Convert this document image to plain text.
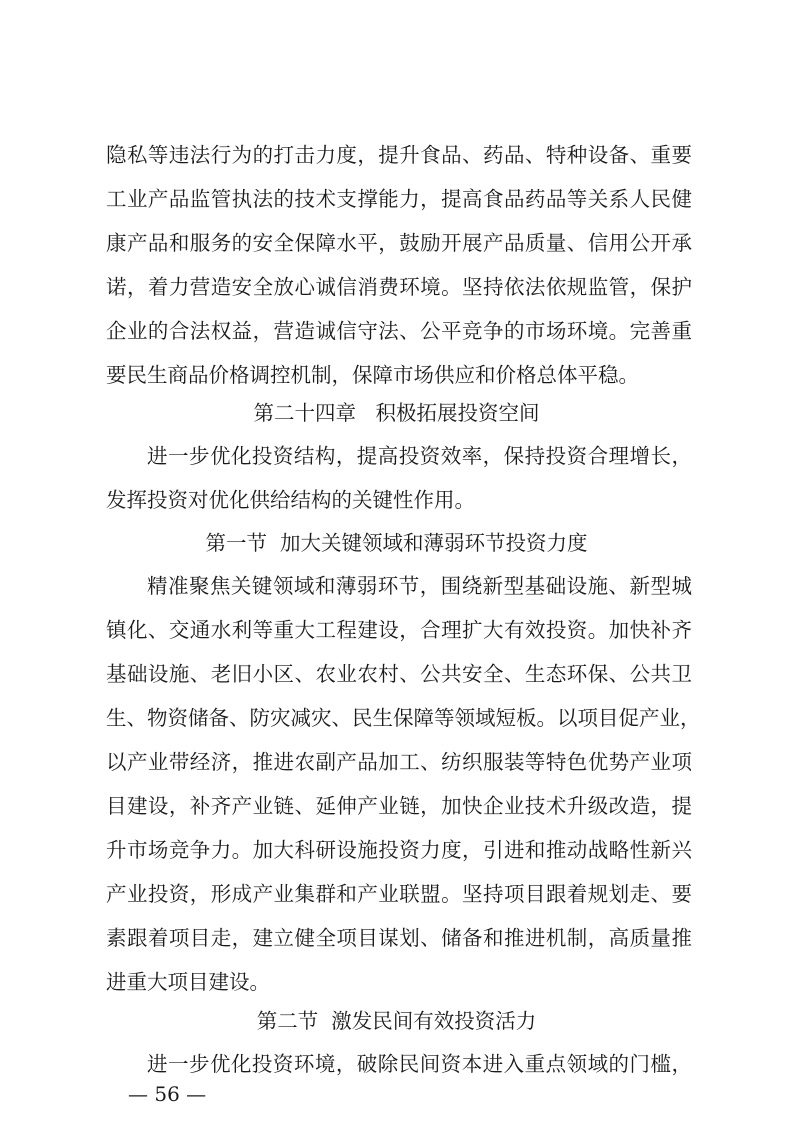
隐私等违法行为的打击力度，提升食品、药品、特种设备、重要
工业产品监管执法的技术支撑能力，提高食品药品等关系人民健
康产品和服务的安全保障水平，鼓励开展产品质量、信用公开承
诺，着力营造安全放心诚信消费环境。坚持依法依规监管，保护
企业的合法权益，营造诚信守法、公平竞争的市场环境。完善重
要民生商品价格调控机制，保障市场供应和价格总体平稳。
第二十四章   积极拓展投资空间
进一步优化投资结构，提高投资效率，保持投资合理增长，
发挥投资对优化供给结构的关键性作用。
第一节  加大关键领域和薄弱环节投资力度
精准聚焦关键领域和薄弱环节，围绕新型基础设施、新型城
镇化、交通水利等重大工程建设，合理扩大有效投资。加快补齐
基础设施、老旧小区、农业农村、公共安全、生态环保、公共卫
生、物资储备、防灾减灾、民生保障等领域短板。以项目促产业，
以产业带经济，推进农副产品加工、纺织服装等特色优势产业项
目建设，补齐产业链、延伸产业链，加快企业技术升级改造，提
升市场竞争力。加大科研设施投资力度，引进和推动战略性新兴
产业投资，形成产业集群和产业联盟。坚持项目跟着规划走、要
素跟着项目走，建立健全项目谋划、储备和推进机制，高质量推
进重大项目建设。
第二节  激发民间有效投资活力
进一步优化投资环境，破除民间资本进入重点领域的门槛，
— 56 —
